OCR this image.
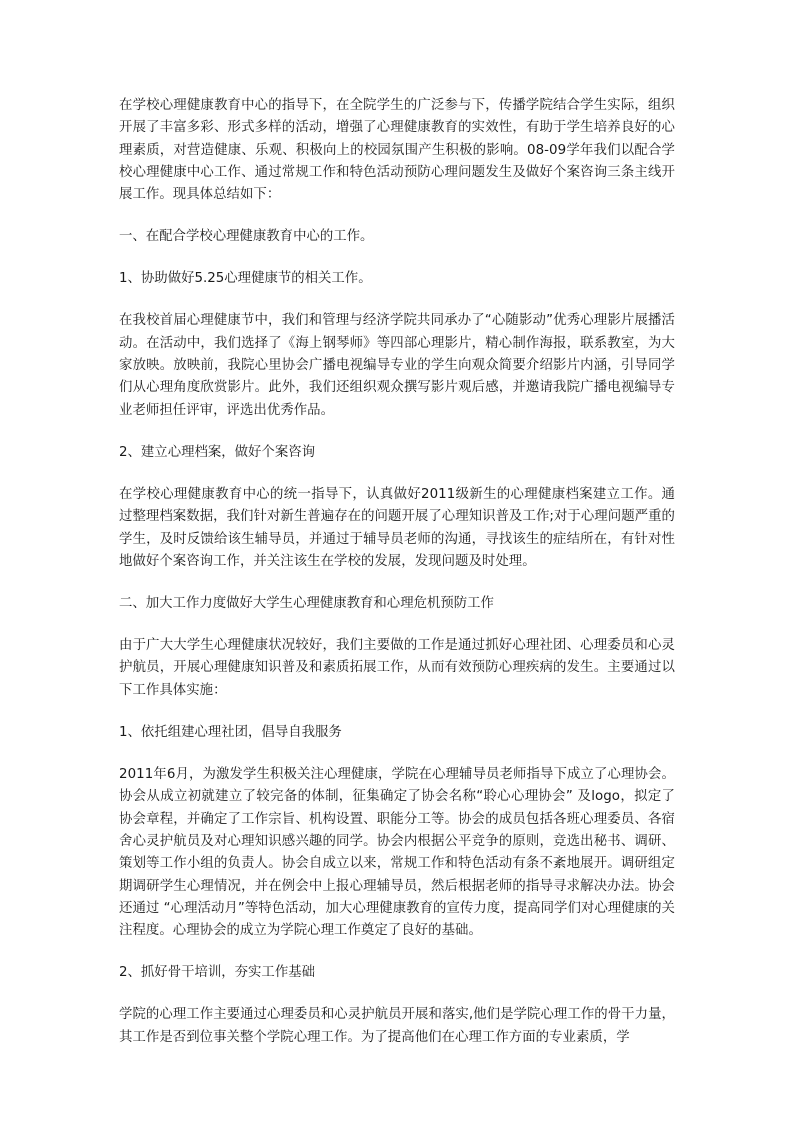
在学校心理健康教育中心的指导下，在全院学生的广泛参与下，传播学院结合学生实际，组织开展了丰富多彩、形式多样的活动，增强了心理健康教育的实效性，有助于学生培养良好的心理素质，对营造健康、乐观、积极向上的校园氛围产生积极的影响。08-09学年我们以配合学校心理健康中心工作、通过常规工作和特色活动预防心理问题发生及做好个案咨询三条主线开展工作。现具体总结如下：

一、在配合学校心理健康教育中心的工作。

1、协助做好5.25心理健康节的相关工作。

在我校首届心理健康节中，我们和管理与经济学院共同承办了“心随影动”优秀心理影片展播活动。在活动中，我们选择了《海上钢琴师》等四部心理影片，精心制作海报，联系教室，为大家放映。放映前，我院心里协会广播电视编导专业的学生向观众简要介绍影片内涵，引导同学们从心理角度欣赏影片。此外，我们还组织观众撰写影片观后感，并邀请我院广播电视编导专业老师担任评审，评选出优秀作品。

2、建立心理档案，做好个案咨询

在学校心理健康教育中心的统一指导下，认真做好2011级新生的心理健康档案建立工作。通过整理档案数据，我们针对新生普遍存在的问题开展了心理知识普及工作;对于心理问题严重的学生，及时反馈给该生辅导员，并通过于辅导员老师的沟通，寻找该生的症结所在，有针对性地做好个案咨询工作，并关注该生在学校的发展，发现问题及时处理。

二、加大工作力度做好大学生心理健康教育和心理危机预防工作

由于广大大学生心理健康状况较好，我们主要做的工作是通过抓好心理社团、心理委员和心灵护航员，开展心理健康知识普及和素质拓展工作，从而有效预防心理疾病的发生。主要通过以下工作具体实施：

1、依托组建心理社团，倡导自我服务

2011年6月，为激发学生积极关注心理健康，学院在心理辅导员老师指导下成立了心理协会。协会从成立初就建立了较完备的体制，征集确定了协会名称“聆心心理协会” 及logo，拟定了协会章程，并确定了工作宗旨、机构设置、职能分工等。协会的成员包括各班心理委员、各宿舍心灵护航员及对心理知识感兴趣的同学。协会内根据公平竞争的原则，竞选出秘书、调研、策划等工作小组的负责人。协会自成立以来，常规工作和特色活动有条不紊地展开。调研组定期调研学生心理情况，并在例会中上报心理辅导员，然后根据老师的指导寻求解决办法。协会还通过 “心理活动月”等特色活动，加大心理健康教育的宣传力度，提高同学们对心理健康的关注程度。心理协会的成立为学院心理工作奠定了良好的基础。

2、抓好骨干培训，夯实工作基础

学院的心理工作主要通过心理委员和心灵护航员开展和落实,他们是学院心理工作的骨干力量，其工作是否到位事关整个学院心理工作。为了提高他们在心理工作方面的专业素质，学
